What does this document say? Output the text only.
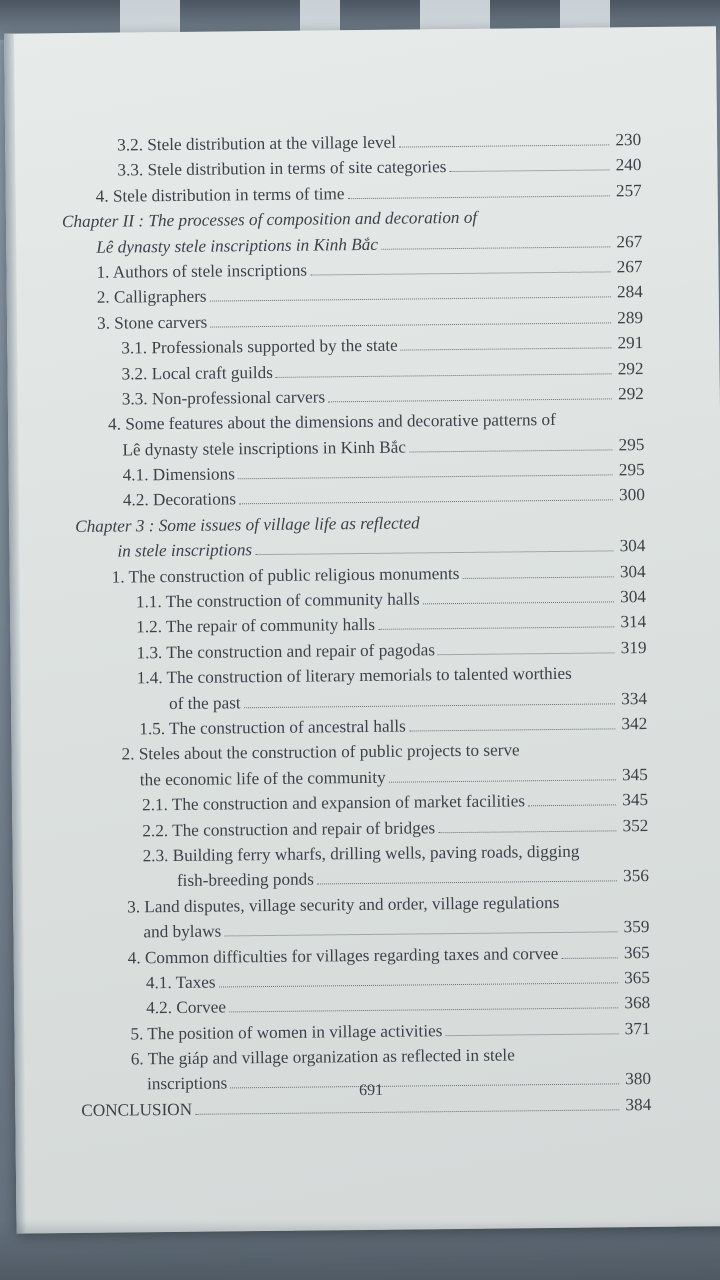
3.2. Stele distribution at the village level	230
3.3. Stele distribution in terms of site categories	240
4. Stele distribution in terms of time	257
Chapter II : The processes of composition and decoration of
Lê dynasty stele inscriptions in Kinh Bắc	267
1. Authors of stele inscriptions	267
2. Calligraphers	284
3. Stone carvers	289
3.1. Professionals supported by the state	291
3.2. Local craft guilds	292
3.3. Non-professional carvers	292
4. Some features about the dimensions and decorative patterns of
Lê dynasty stele inscriptions in Kinh Bắc	295
4.1. Dimensions	295
4.2. Decorations	300
Chapter 3 : Some issues of village life as reflected
in stele inscriptions	304
1. The construction of public religious monuments	304
1.1. The construction of community halls	304
1.2. The repair of community halls	314
1.3. The construction and repair of pagodas	319
1.4. The construction of literary memorials to talented worthies
of the past	334
1.5. The construction of ancestral halls	342
2. Steles about the construction of public projects to serve
the economic life of the community	345
2.1. The construction and expansion of market facilities	345
2.2. The construction and repair of bridges	352
2.3. Building ferry wharfs, drilling wells, paving roads, digging
fish-breeding ponds	356
3. Land disputes, village security and order, village regulations
and bylaws	359
4. Common difficulties for villages regarding taxes and corvee	365
4.1. Taxes	365
4.2. Corvee	368
5. The position of women in village activities	371
6. The giáp and village organization as reflected in stele
inscriptions	380
CONCLUSION	384
691
